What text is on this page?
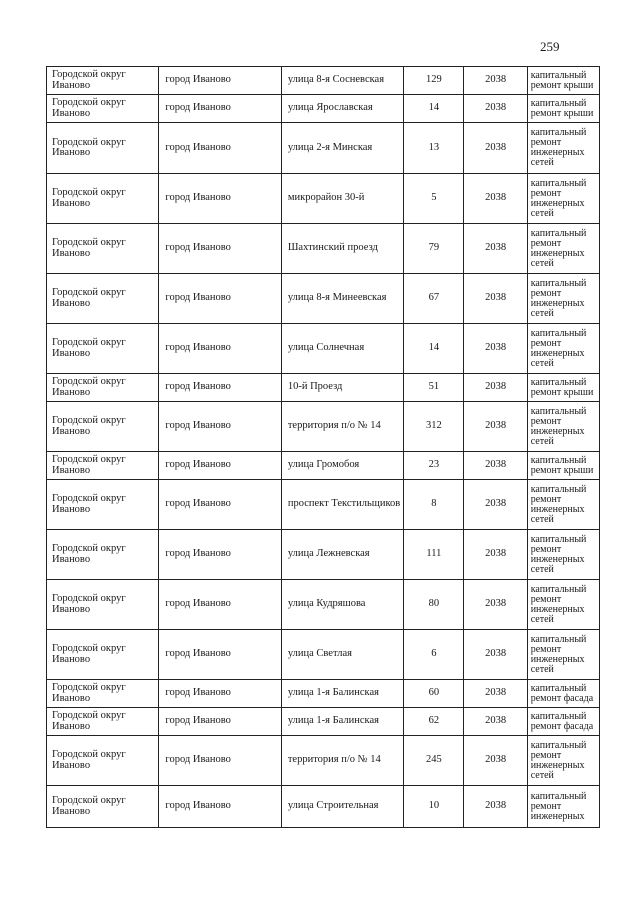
259
Городской округ Иваново	город Иваново	улица 8-я Сосневская	129	2038	капитальный ремонт крыши
Городской округ Иваново	город Иваново	улица Ярославская	14	2038	капитальный ремонт крыши
Городской округ Иваново	город Иваново	улица 2-я Минская	13	2038	капитальный ремонт инженерных сетей
Городской округ Иваново	город Иваново	микрорайон 30-й	5	2038	капитальный ремонт инженерных сетей
Городской округ Иваново	город Иваново	Шахтинский проезд	79	2038	капитальный ремонт инженерных сетей
Городской округ Иваново	город Иваново	улица 8-я Минеевская	67	2038	капитальный ремонт инженерных сетей
Городской округ Иваново	город Иваново	улица Солнечная	14	2038	капитальный ремонт инженерных сетей
Городской округ Иваново	город Иваново	10-й Проезд	51	2038	капитальный ремонт крыши
Городской округ Иваново	город Иваново	территория п/о № 14	312	2038	капитальный ремонт инженерных сетей
Городской округ Иваново	город Иваново	улица Громобоя	23	2038	капитальный ремонт крыши
Городской округ Иваново	город Иваново	проспект Текстильщиков	8	2038	капитальный ремонт инженерных сетей
Городской округ Иваново	город Иваново	улица Лежневская	111	2038	капитальный ремонт инженерных сетей
Городской округ Иваново	город Иваново	улица Кудряшова	80	2038	капитальный ремонт инженерных сетей
Городской округ Иваново	город Иваново	улица Светлая	6	2038	капитальный ремонт инженерных сетей
Городской округ Иваново	город Иваново	улица 1-я Балинская	60	2038	капитальный ремонт фасада
Городской округ Иваново	город Иваново	улица 1-я Балинская	62	2038	капитальный ремонт фасада
Городской округ Иваново	город Иваново	территория п/о № 14	245	2038	капитальный ремонт инженерных сетей
Городской округ Иваново	город Иваново	улица Строительная	10	2038	капитальный ремонт инженерных
